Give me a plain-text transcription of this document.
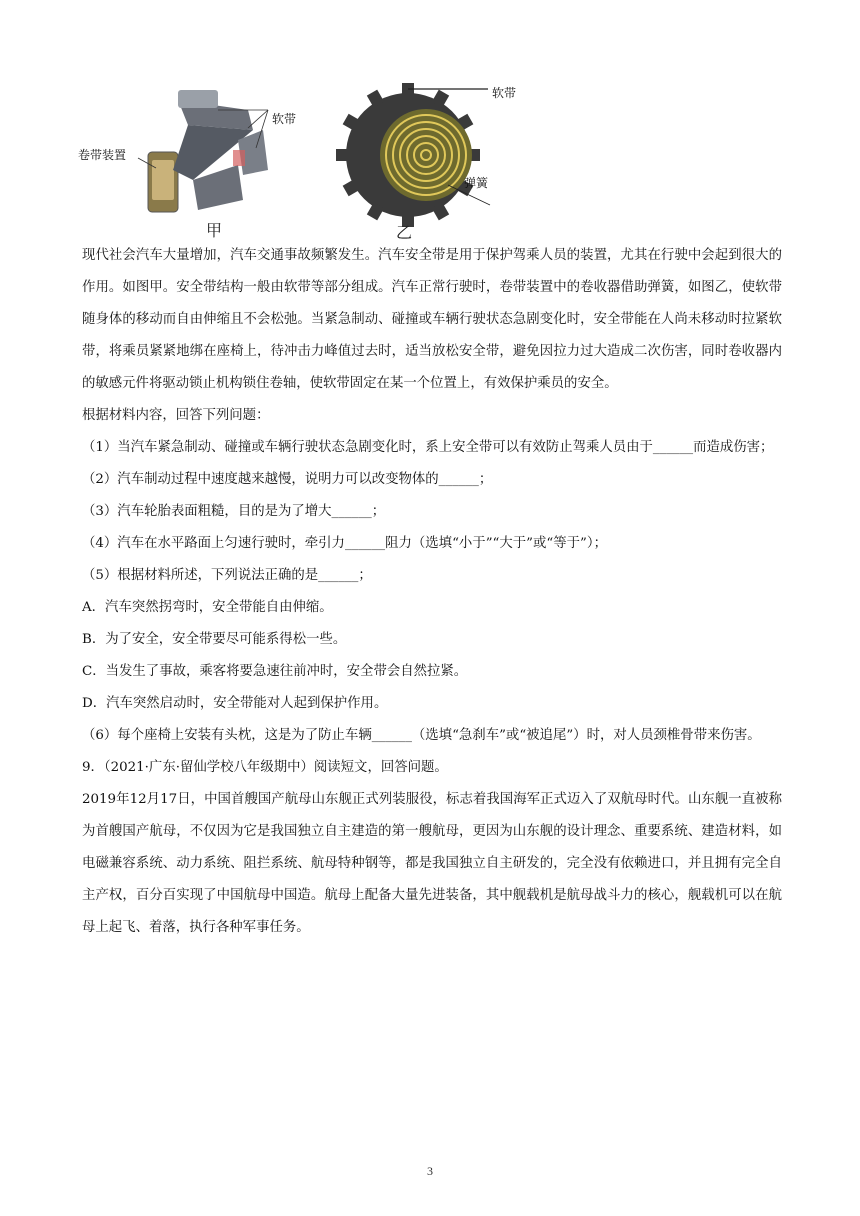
卷带装置
软带
甲
软带
弹簧
乙

现代社会汽车大量增加，汽车交通事故频繁发生。汽车安全带是用于保护驾乘人员的装置，尤其在行驶中会起到很大的作用。如图甲。安全带结构一般由软带等部分组成。汽车正常行驶时，卷带装置中的卷收器借助弹簧，如图乙，使软带随身体的移动而自由伸缩且不会松弛。当紧急制动、碰撞或车辆行驶状态急剧变化时，安全带能在人尚未移动时拉紧软带，将乘员紧紧地绑在座椅上，待冲击力峰值过去时，适当放松安全带，避免因拉力过大造成二次伤害，同时卷收器内的敏感元件将驱动锁止机构锁住卷轴，使软带固定在某一个位置上，有效保护乘员的安全。

根据材料内容，回答下列问题：

（1）当汽车紧急制动、碰撞或车辆行驶状态急剧变化时，系上安全带可以有效防止驾乘人员由于______而造成伤害；

（2）汽车制动过程中速度越来越慢，说明力可以改变物体的______；

（3）汽车轮胎表面粗糙，目的是为了增大______；

（4）汽车在水平路面上匀速行驶时，牵引力______阻力（选填“小于”“大于”或“等于”）；

（5）根据材料所述，下列说法正确的是______；

A．汽车突然拐弯时，安全带能自由伸缩。

B．为了安全，安全带要尽可能系得松一些。

C．当发生了事故，乘客将要急速往前冲时，安全带会自然拉紧。

D．汽车突然启动时，安全带能对人起到保护作用。

（6）每个座椅上安装有头枕，这是为了防止车辆______（选填“急刹车”或“被追尾”）时，对人员颈椎骨带来伤害。

9．（2021·广东·留仙学校八年级期中）阅读短文，回答问题。

2019年12月17日，中国首艘国产航母山东舰正式列装服役，标志着我国海军正式迈入了双航母时代。山东舰一直被称为首艘国产航母，不仅因为它是我国独立自主建造的第一艘航母，更因为山东舰的设计理念、重要系统、建造材料，如电磁兼容系统、动力系统、阻拦系统、航母特种钢等，都是我国独立自主研发的，完全没有依赖进口，并且拥有完全自主产权，百分百实现了中国航母中国造。航母上配备大量先进装备，其中舰载机是航母战斗力的核心，舰载机可以在航母上起飞、着落，执行各种军事任务。

3
